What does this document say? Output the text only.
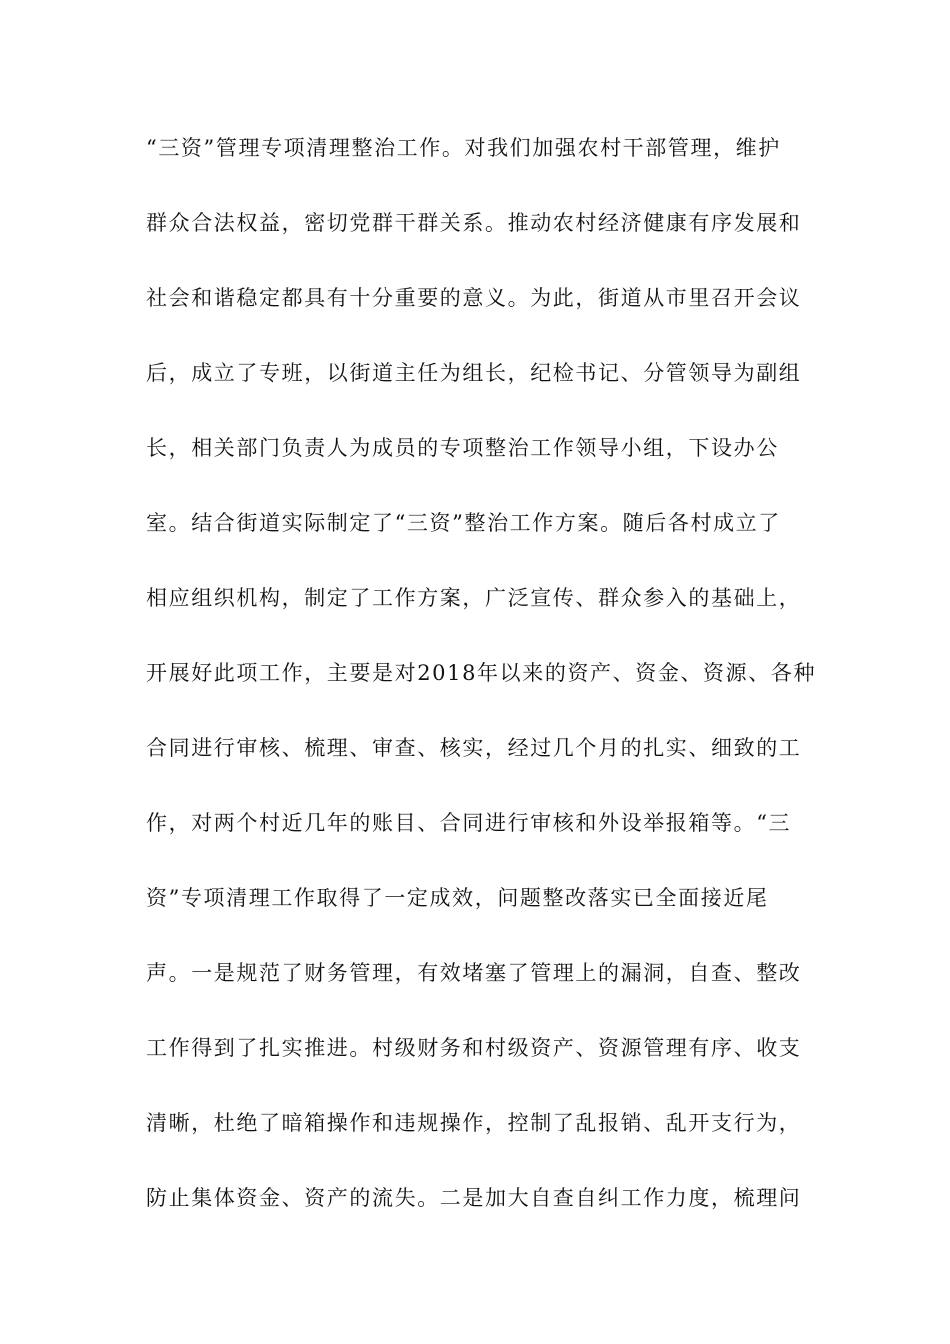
“三资”管理专项清理整治工作。对我们加强农村干部管理，维护
群众合法权益，密切党群干群关系。推动农村经济健康有序发展和
社会和谐稳定都具有十分重要的意义。为此，街道从市里召开会议
后，成立了专班，以街道主任为组长，纪检书记、分管领导为副组
长，相关部门负责人为成员的专项整治工作领导小组，下设办公
室。结合街道实际制定了“三资”整治工作方案。随后各村成立了
相应组织机构，制定了工作方案，广泛宣传、群众参入的基础上，
开展好此项工作，主要是对2018年以来的资产、资金、资源、各种
合同进行审核、梳理、审查、核实，经过几个月的扎实、细致的工
作，对两个村近几年的账目、合同进行审核和外设举报箱等。“三
资”专项清理工作取得了一定成效，问题整改落实已全面接近尾
声。一是规范了财务管理，有效堵塞了管理上的漏洞，自查、整改
工作得到了扎实推进。村级财务和村级资产、资源管理有序、收支
清晰，杜绝了暗箱操作和违规操作，控制了乱报销、乱开支行为，
防止集体资金、资产的流失。二是加大自查自纠工作力度，梳理问
